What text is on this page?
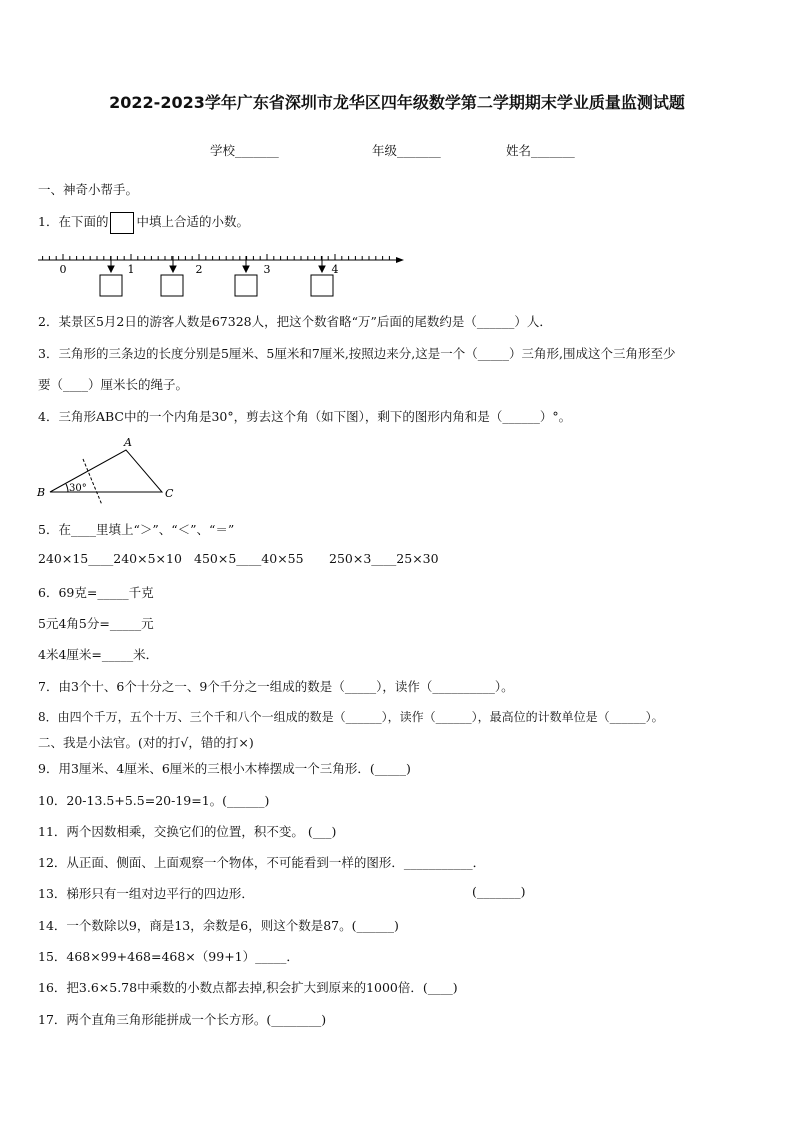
2022-2023学年广东省深圳市龙华区四年级数学第二学期期末学业质量监测试题
学校_______	年级_______	姓名_______
一、神奇小帮手。
1．在下面的 中填上合适的小数。
0	1	2	3	4
2．某景区5月2日的游客人数是67328人，把这个数省略“万”后面的尾数约是（______）人．
3．三角形的三条边的长度分别是5厘米、5厘米和7厘米,按照边来分,这是一个（_____）三角形,围成这个三角形至少
要（____）厘米长的绳子。
4．三角形ABC中的一个内角是30°，剪去这个角（如下图），剩下的图形内角和是（______）°。
A
B	C
30°
5．在____里填上“＞”、“＜”、“＝”
240×15____240×5×10 450×5____40×55 250×3____25×30
6．69克=_____千克
5元4角5分=_____元
4米4厘米=_____米．
7．由3个十、6个十分之一、9个千分之一组成的数是（_____），读作（__________）。
8．由四个千万，五个十万、三个千和八个一组成的数是（______），读作（______），最高位的计数单位是（______）。
二、我是小法官。(对的打√，错的打×)
9．用3厘米、4厘米、6厘米的三根小木棒摆成一个三角形．(_____)
10．20-13.5+5.5=20-19=1。(______)
11．两个因数相乘，交换它们的位置，积不变。 (___)
12．从正面、侧面、上面观察一个物体，不可能看到一样的图形．___________．
13．梯形只有一组对边平行的四边形．	(_______)
14．一个数除以9，商是13，余数是6，则这个数是87。(______)
15．468×99+468=468×（99+1）_____．
16．把3.6×5.78中乘数的小数点都去掉,积会扩大到原来的1000倍．(____)
17．两个直角三角形能拼成一个长方形。(________)
